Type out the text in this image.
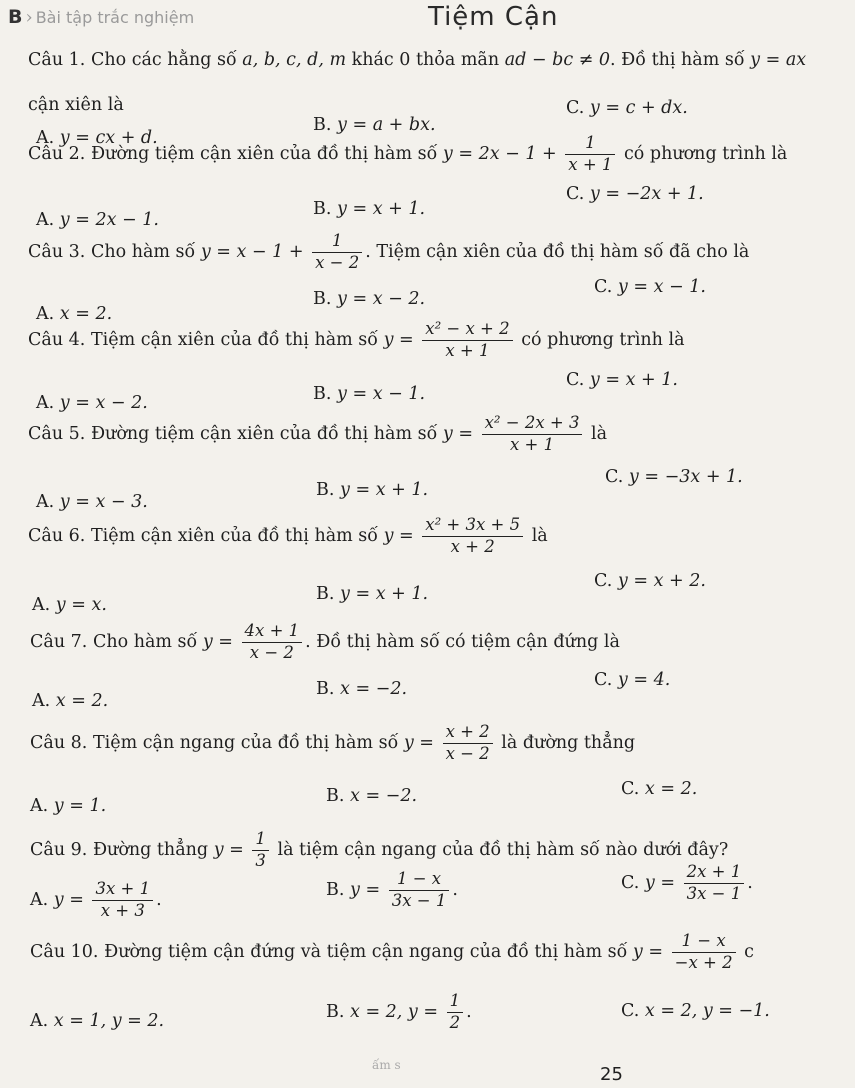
B › Bài tập trắc nghiệm	Tiệm Cận
Câu 1. Cho các hằng số a, b, c, d, m khác 0 thỏa mãn ad − bc ≠ 0. Đồ thị hàm số y = ax
cận xiên là
A. y = cx + d.
B. y = a + bx.
C. y = c + dx.
Câu 2. Đường tiệm cận xiên của đồ thị hàm số $y = 2x - 1 + \frac{1}{x + 1}$ có phương trình là
A. y = 2x − 1.
B. y = x + 1.
C. y = −2x + 1.
Câu 3. Cho hàm số $y = x - 1 + \frac{1}{x - 2}$ . Tiệm cận xiên của đồ thị hàm số đã cho là
A. x = 2.
B. y = x − 2.
C. y = x − 1.
Câu 4. Tiệm cận xiên của đồ thị hàm số $y = \frac{\text{x² − x + 2}}{x + 1}$ có phương trình là
A. y = x − 2.	B. y = x − 1.
C. y = x + 1.
Câu 5. Đường tiệm cận xiên của đồ thị hàm số $y = \frac{\text{x² − 2x + 3}}{x + 1}$ là
A. y = x − 3.
B. y = x + 1.
C. y = −3x + 1.
Câu 6. Tiệm cận xiên của đồ thị hàm số $y = \frac{\text{x² + 3x + 5}}{x + 2}$ là
A. y = x.
B. y = x + 1.
C. y = x + 2.
Câu 7. Cho hàm số $y = \frac{4x + 1}{x - 2}$ . Đồ thị hàm số có tiệm cận đứng là
A. x = 2.
B. x = −2.	C. y = 4.
Câu 8. Tiệm cận ngang của đồ thị hàm số $y = \frac{x + 2}{x - 2}$ là đường thẳng
A. y = 1.	B. x = −2.	C. x = 2.
Câu 9. Đường thẳng $y = \frac{1}{3}$ là tiệm cận ngang của đồ thị hàm số nào dưới đây?
A. $y = \frac{3x + 1}{x + 3}$ .	B. $y = \frac{1 - x}{3x - 1}$ .	C. $y = \frac{2x + 1}{3x - 1}$ .
Câu 10. Đường tiệm cận đứng và tiệm cận ngang của đồ thị hàm số $y = \frac{1 - x}{-x + 2}$ c
A. x = 1, y = 2.	B. x = 2, $y = \frac{1}{2}$ .	C. x = 2, y = −1.
ấm s	25
